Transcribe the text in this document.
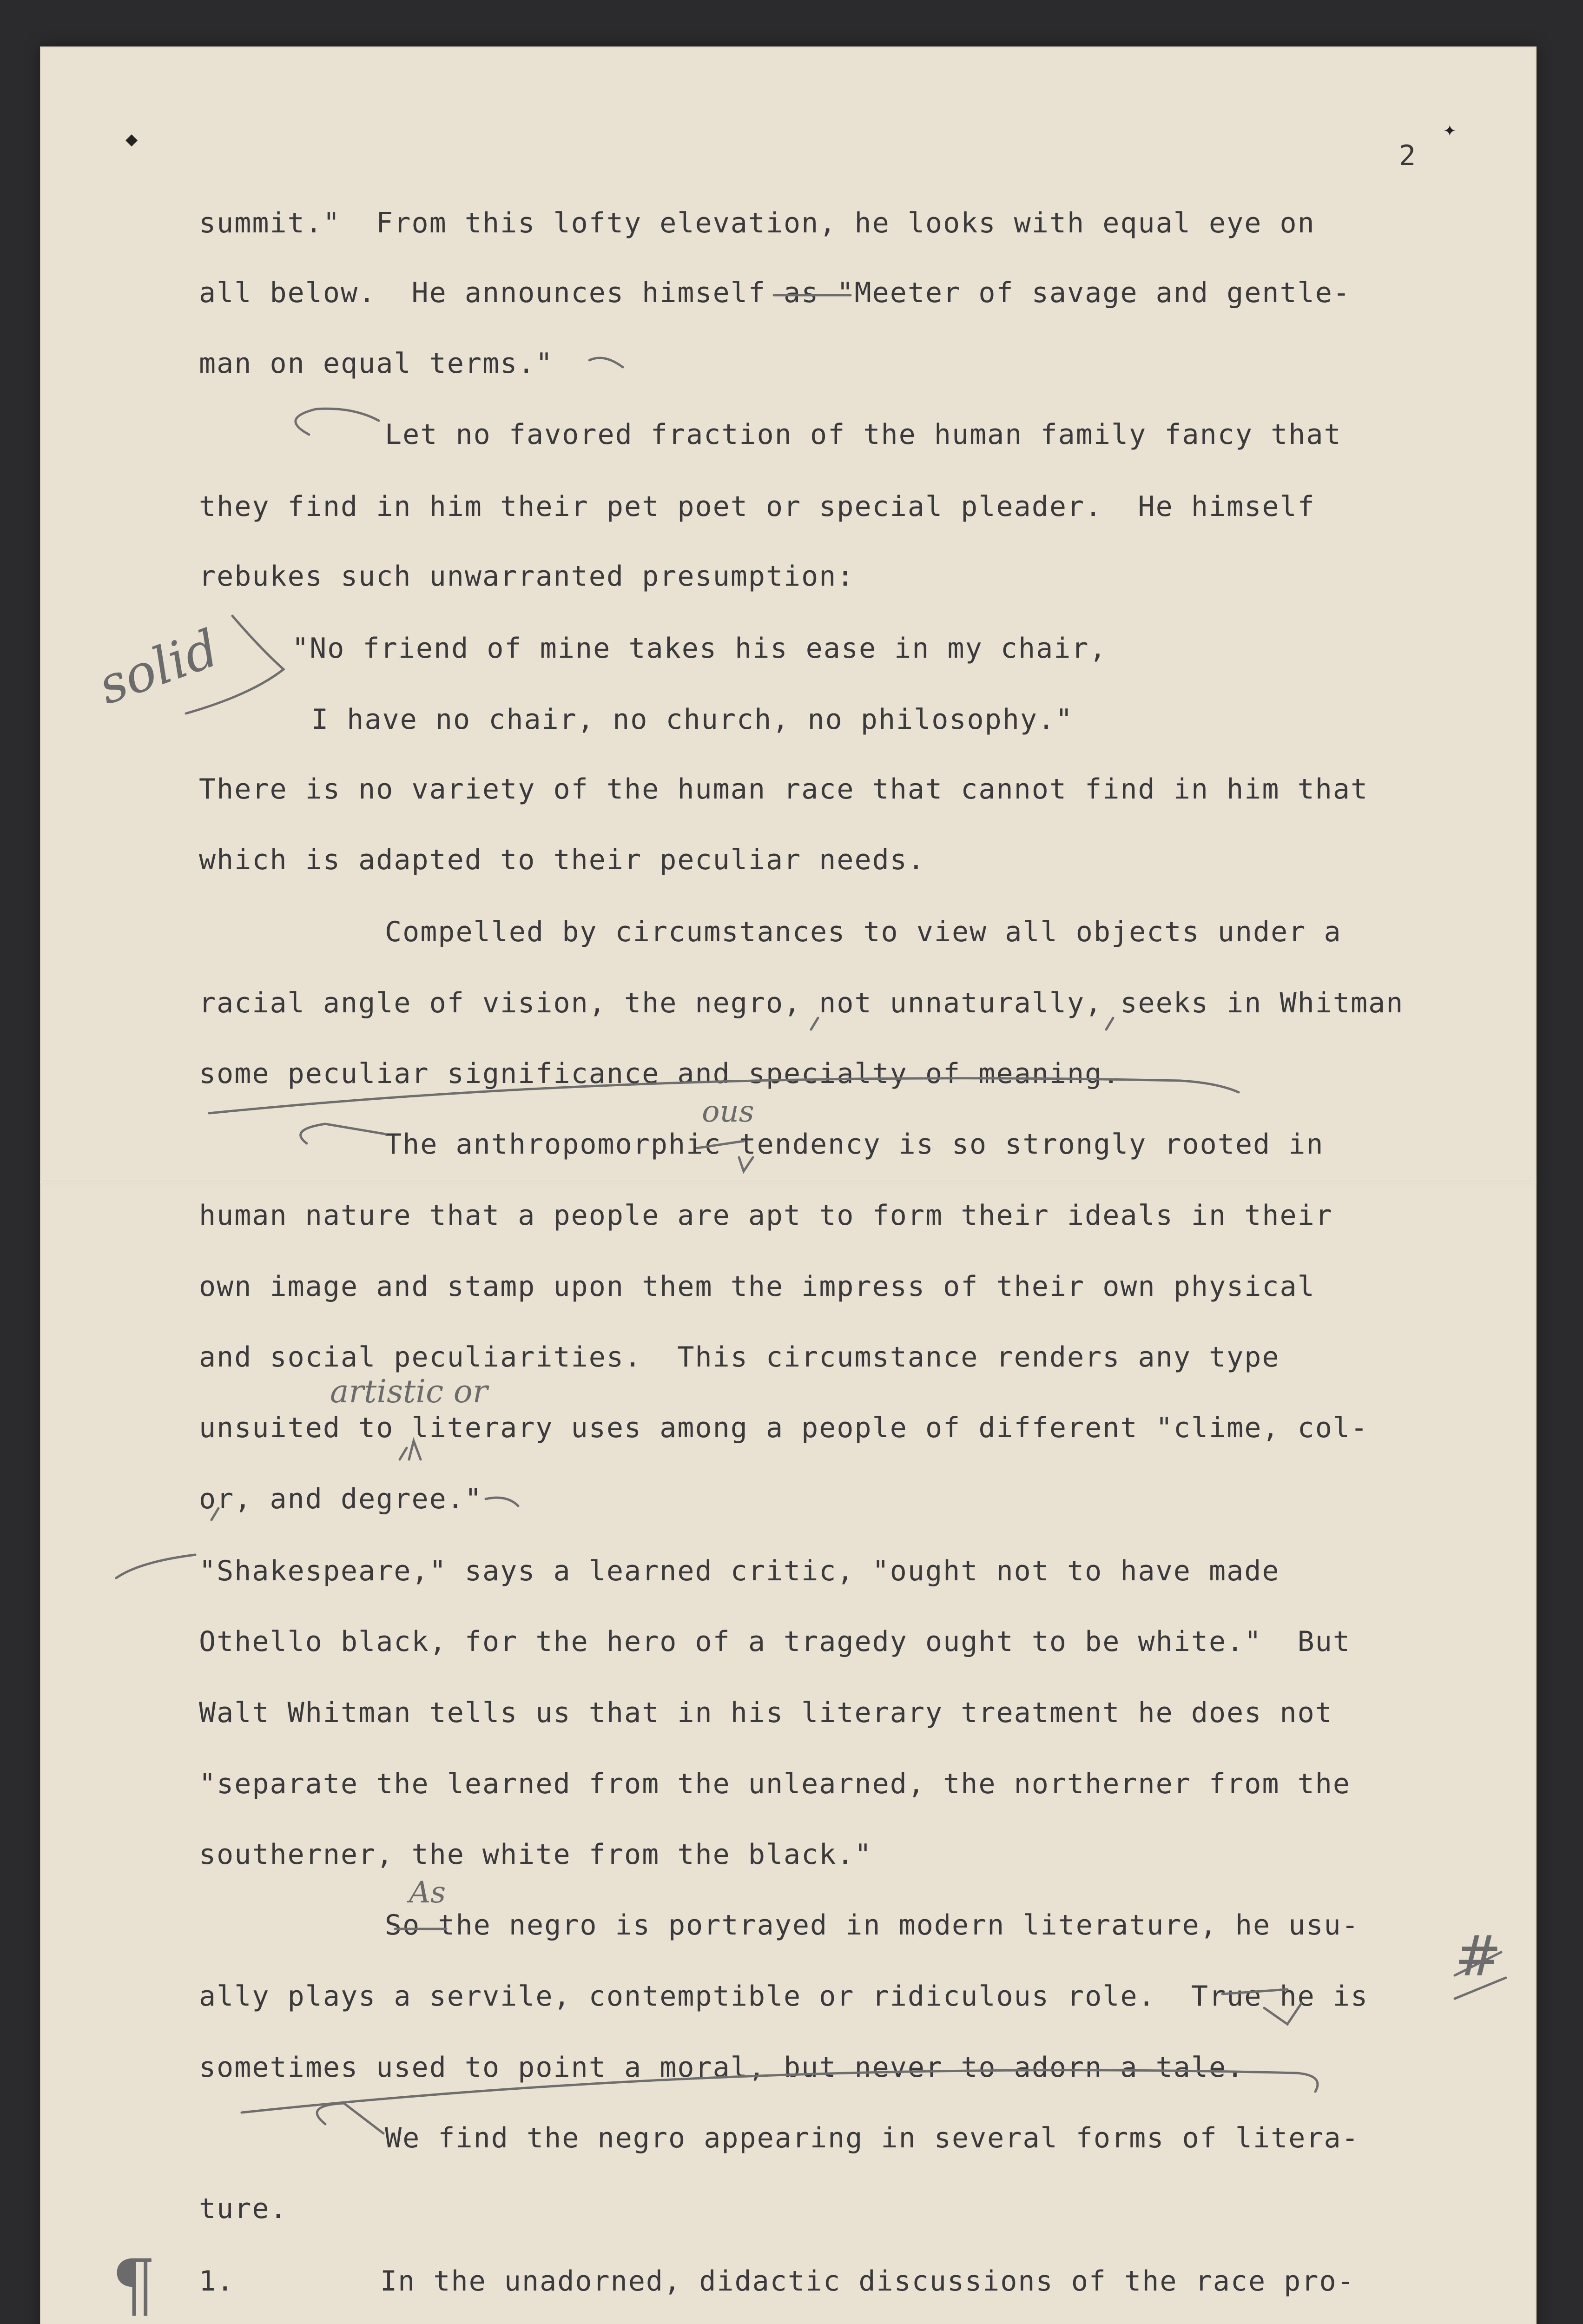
◆	✦
2
summit."  From this lofty elevation, he looks with equal eye on
all below.  He announces himself as "Meeter of savage and gentle-
man on equal terms."
Let no favored fraction of the human family fancy that
they find in him their pet poet or special pleader.  He himself
rebukes such unwarranted presumption:
"No friend of mine takes his ease in my chair,
I have no chair, no church, no philosophy."
There is no variety of the human race that cannot find in him that
which is adapted to their peculiar needs.
Compelled by circumstances to view all objects under a
racial angle of vision, the negro, not unnaturally, seeks in Whitman
some peculiar significance and specialty of meaning.
The anthropomorphic tendency is so strongly rooted in
human nature that a people are apt to form their ideals in their
own image and stamp upon them the impress of their own physical
and social peculiarities.  This circumstance renders any type
unsuited to literary uses among a people of different "clime, col-
or, and degree."
"Shakespeare," says a learned critic, "ought not to have made
Othello black, for the hero of a tragedy ought to be white."  But
Walt Whitman tells us that in his literary treatment he does not
"separate the learned from the unlearned, the northerner from the
southerner, the white from the black."
So the negro is portrayed in modern literature, he usu-
ally plays a servile, contemptible or ridiculous role.  True he is
sometimes used to point a moral, but never to adorn a tale.
We find the negro appearing in several forms of litera-
ture.
1.	In the unadorned, didactic discussions of the race pro-
solid
ous
artistic or
As
#
¶
